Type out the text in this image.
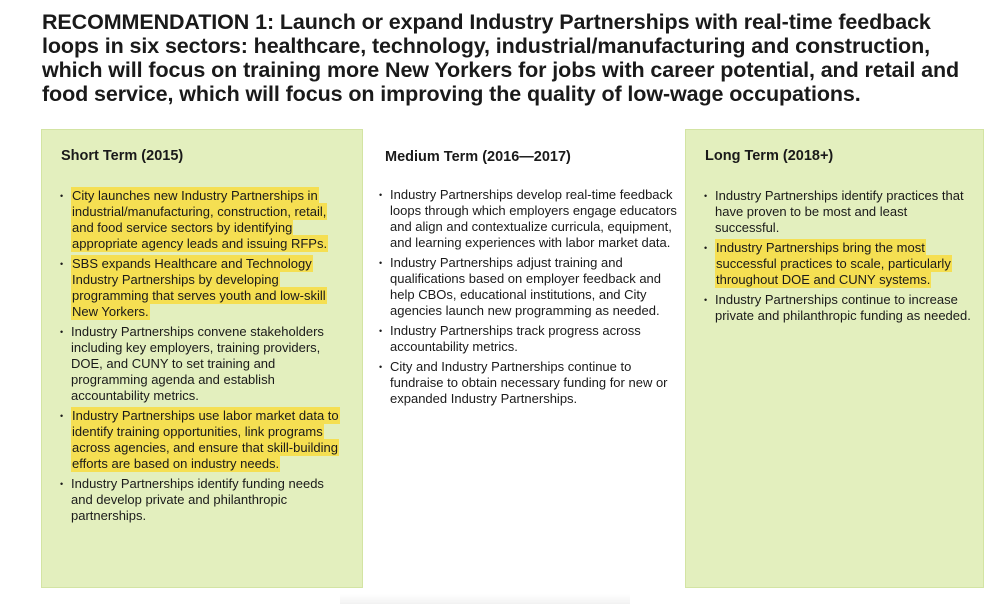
RECOMMENDATION 1: Launch or expand Industry Partnerships with real-time feedback loops in six sectors: healthcare, technology, industrial/manufacturing and construction, which will focus on training more New Yorkers for jobs with career potential, and retail and food service, which will focus on improving the quality of low-wage occupations.
Short Term (2015)
• City launches new Industry Partnerships in industrial/manufacturing, construction, retail, and food service sectors by identifying appropriate agency leads and issuing RFPs.
• SBS expands Healthcare and Technology Industry Partnerships by developing programming that serves youth and low-skill New Yorkers.
• Industry Partnerships convene stakeholders including key employers, training providers, DOE, and CUNY to set training and programming agenda and establish accountability metrics.
• Industry Partnerships use labor market data to identify training opportunities, link programs across agencies, and ensure that skill-building efforts are based on industry needs.
• Industry Partnerships identify funding needs and develop private and philanthropic partnerships.
Medium Term (2016—2017)
• Industry Partnerships develop real-time feedback loops through which employers engage educators and align and contextualize curricula, equipment, and learning experiences with labor market data.
• Industry Partnerships adjust training and qualifications based on employer feedback and help CBOs, educational institutions, and City agencies launch new programming as needed.
• Industry Partnerships track progress across accountability metrics.
• City and Industry Partnerships continue to fundraise to obtain necessary funding for new or expanded Industry Partnerships.
Long Term (2018+)
• Industry Partnerships identify practices that have proven to be most and least successful.
• Industry Partnerships bring the most successful practices to scale, particularly throughout DOE and CUNY systems.
• Industry Partnerships continue to increase private and philanthropic funding as needed.
